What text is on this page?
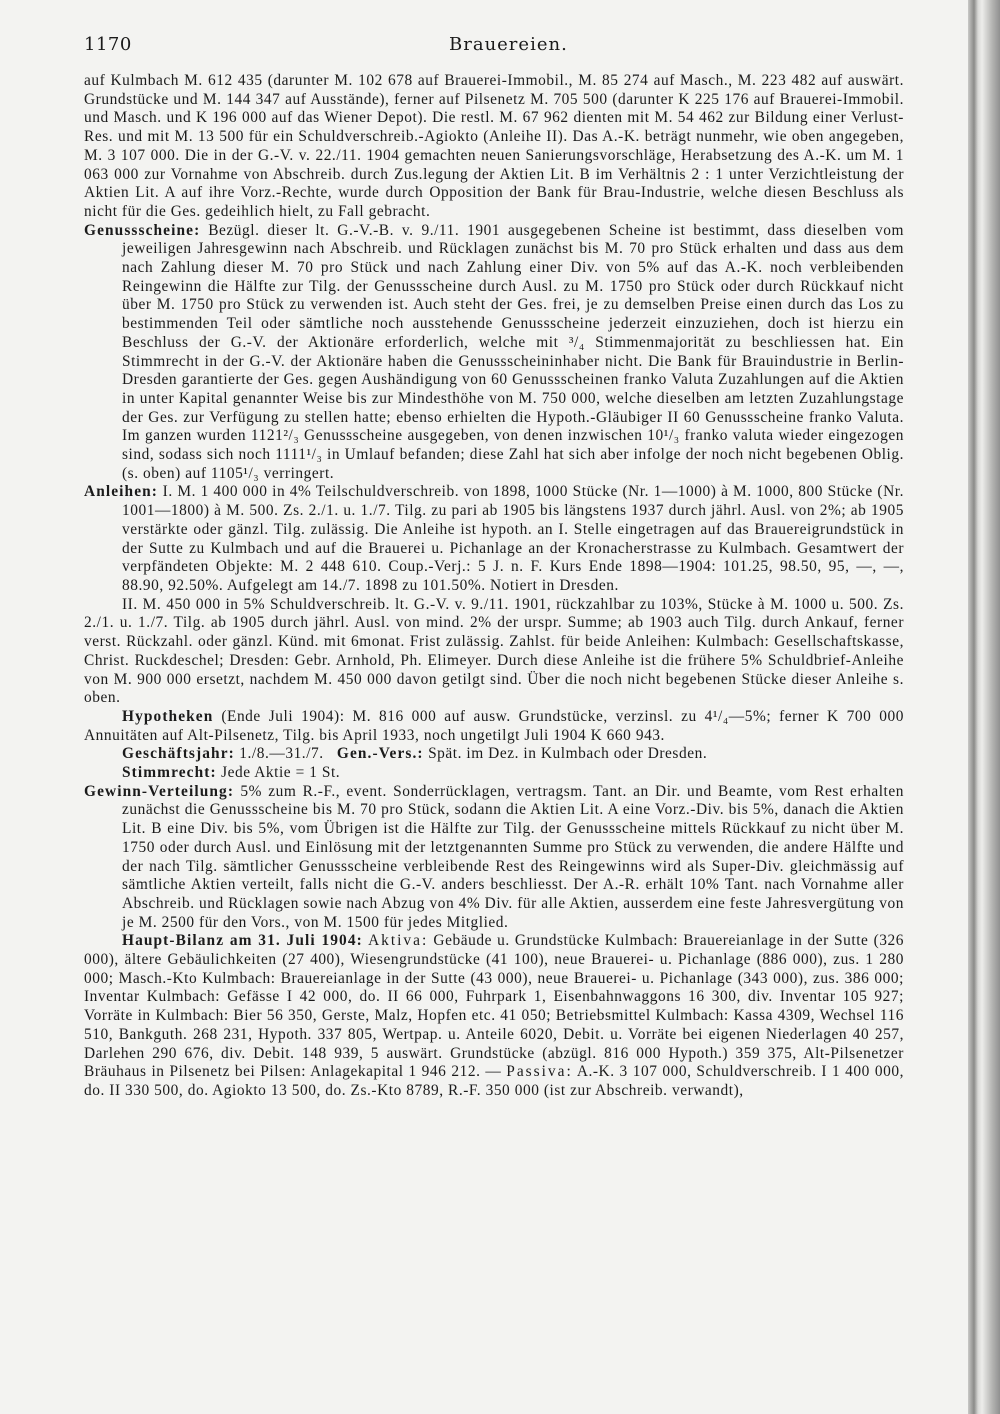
1170	Brauereien.

auf Kulmbach M. 612 435 (darunter M. 102 678 auf Brauerei-Immobil., M. 85 274 auf Masch., M. 223 482 auf auswärt. Grundstücke und M. 144 347 auf Ausstände), ferner auf Pilsenetz M. 705 500 (darunter K 225 176 auf Brauerei-Immobil. und Masch. und K 196 000 auf das Wiener Depot). Die restl. M. 67 962 dienten mit M. 54 462 zur Bildung einer Verlust-Res. und mit M. 13 500 für ein Schuldverschreib.-Agiokto (Anleihe II). Das A.-K. beträgt nunmehr, wie oben angegeben, M. 3 107 000. Die in der G.-V. v. 22./11. 1904 gemachten neuen Sanierungsvorschläge, Herabsetzung des A.-K. um M. 1 063 000 zur Vornahme von Abschreib. durch Zus.legung der Aktien Lit. B im Verhältnis 2 : 1 unter Verzichtleistung der Aktien Lit. A auf ihre Vorz.-Rechte, wurde durch Opposition der Bank für Brau-Industrie, welche diesen Beschluss als nicht für die Ges. gedeihlich hielt, zu Fall gebracht.

Genussscheine: Bezügl. dieser lt. G.-V.-B. v. 9./11. 1901 ausgegebenen Scheine ist bestimmt, dass dieselben vom jeweiligen Jahresgewinn nach Abschreib. und Rücklagen zunächst bis M. 70 pro Stück erhalten und dass aus dem nach Zahlung dieser M. 70 pro Stück und nach Zahlung einer Div. von 5% auf das A.-K. noch verbleibenden Reingewinn die Hälfte zur Tilg. der Genussscheine durch Ausl. zu M. 1750 pro Stück oder durch Rückkauf nicht über M. 1750 pro Stück zu verwenden ist. Auch steht der Ges. frei, je zu demselben Preise einen durch das Los zu bestimmenden Teil oder sämtliche noch ausstehende Genussscheine jederzeit einzuziehen, doch ist hierzu ein Beschluss der G.-V. der Aktionäre erforderlich, welche mit ³/₄ Stimmenmajorität zu beschliessen hat. Ein Stimmrecht in der G.-V. der Aktionäre haben die Genussscheininhaber nicht. Die Bank für Brauindustrie in Berlin-Dresden garantierte der Ges. gegen Aushändigung von 60 Genussscheinen franko Valuta Zuzahlungen auf die Aktien in unter Kapital genannter Weise bis zur Mindesthöhe von M. 750 000, welche dieselben am letzten Zuzahlungstage der Ges. zur Verfügung zu stellen hatte; ebenso erhielten die Hypoth.-Gläubiger II 60 Genussscheine franko Valuta. Im ganzen wurden 1121²/₃ Genussscheine ausgegeben, von denen inzwischen 10¹/₃ franko valuta wieder eingezogen sind, sodass sich noch 1111¹/₃ in Umlauf befanden; diese Zahl hat sich aber infolge der noch nicht begebenen Oblig. (s. oben) auf 1105¹/₃ verringert.

Anleihen: I. M. 1 400 000 in 4% Teilschuldverschreib. von 1898, 1000 Stücke (Nr. 1—1000) à M. 1000, 800 Stücke (Nr. 1001—1800) à M. 500. Zs. 2./1. u. 1./7. Tilg. zu pari ab 1905 bis längstens 1937 durch jährl. Ausl. von 2%; ab 1905 verstärkte oder gänzl. Tilg. zulässig. Die Anleihe ist hypoth. an I. Stelle eingetragen auf das Brauereigrundstück in der Sutte zu Kulmbach und auf die Brauerei u. Pichanlage an der Kronacherstrasse zu Kulmbach. Gesamtwert der verpfändeten Objekte: M. 2 448 610. Coup.-Verj.: 5 J. n. F. Kurs Ende 1898—1904: 101.25, 98.50, 95, —, —, 88.90, 92.50%. Aufgelegt am 14./7. 1898 zu 101.50%. Notiert in Dresden.

II. M. 450 000 in 5% Schuldverschreib. lt. G.-V. v. 9./11. 1901, rückzahlbar zu 103%, Stücke à M. 1000 u. 500. Zs. 2./1. u. 1./7. Tilg. ab 1905 durch jährl. Ausl. von mind. 2% der urspr. Summe; ab 1903 auch Tilg. durch Ankauf, ferner verst. Rückzahl. oder gänzl. Künd. mit 6monat. Frist zulässig. Zahlst. für beide Anleihen: Kulmbach: Gesellschaftskasse, Christ. Ruckdeschel; Dresden: Gebr. Arnhold, Ph. Elimeyer. Durch diese Anleihe ist die frühere 5% Schuldbrief-Anleihe von M. 900 000 ersetzt, nachdem M. 450 000 davon getilgt sind. Über die noch nicht begebenen Stücke dieser Anleihe s. oben.

Hypotheken (Ende Juli 1904): M. 816 000 auf ausw. Grundstücke, verzinsl. zu 4¹/₄—5%; ferner K 700 000 Annuitäten auf Alt-Pilsenetz, Tilg. bis April 1933, noch ungetilgt Juli 1904 K 660 943.

Geschäftsjahr: 1./8.—31./7. Gen.-Vers.: Spät. im Dez. in Kulmbach oder Dresden.

Stimmrecht: Jede Aktie = 1 St.

Gewinn-Verteilung: 5% zum R.-F., event. Sonderrücklagen, vertragsm. Tant. an Dir. und Beamte, vom Rest erhalten zunächst die Genussscheine bis M. 70 pro Stück, sodann die Aktien Lit. A eine Vorz.-Div. bis 5%, danach die Aktien Lit. B eine Div. bis 5%, vom Übrigen ist die Hälfte zur Tilg. der Genussscheine mittels Rückkauf zu nicht über M. 1750 oder durch Ausl. und Einlösung mit der letztgenannten Summe pro Stück zu verwenden, die andere Hälfte und der nach Tilg. sämtlicher Genussscheine verbleibende Rest des Reingewinns wird als Super-Div. gleichmässig auf sämtliche Aktien verteilt, falls nicht die G.-V. anders beschliesst. Der A.-R. erhält 10% Tant. nach Vornahme aller Abschreib. und Rücklagen sowie nach Abzug von 4% Div. für alle Aktien, ausserdem eine feste Jahresvergütung von je M. 2500 für den Vors., von M. 1500 für jedes Mitglied.

Haupt-Bilanz am 31. Juli 1904: Aktiva: Gebäude u. Grundstücke Kulmbach: Brauereianlage in der Sutte (326 000), ältere Gebäulichkeiten (27 400), Wiesengrundstücke (41 100), neue Brauerei- u. Pichanlage (886 000), zus. 1 280 000; Masch.-Kto Kulmbach: Brauereianlage in der Sutte (43 000), neue Brauerei- u. Pichanlage (343 000), zus. 386 000; Inventar Kulmbach: Gefässe I 42 000, do. II 66 000, Fuhrpark 1, Eisenbahnwaggons 16 300, div. Inventar 105 927; Vorräte in Kulmbach: Bier 56 350, Gerste, Malz, Hopfen etc. 41 050; Betriebsmittel Kulmbach: Kassa 4309, Wechsel 116 510, Bankguth. 268 231, Hypoth. 337 805, Wertpap. u. Anteile 6020, Debit. u. Vorräte bei eigenen Niederlagen 40 257, Darlehen 290 676, div. Debit. 148 939, 5 auswärt. Grundstücke (abzügl. 816 000 Hypoth.) 359 375, Alt-Pilsenetzer Bräuhaus in Pilsenetz bei Pilsen: Anlagekapital 1 946 212. — Passiva: A.-K. 3 107 000, Schuldverschreib. I 1 400 000, do. II 330 500, do. Agiokto 13 500, do. Zs.-Kto 8789, R.-F. 350 000 (ist zur Abschreib. verwandt),
